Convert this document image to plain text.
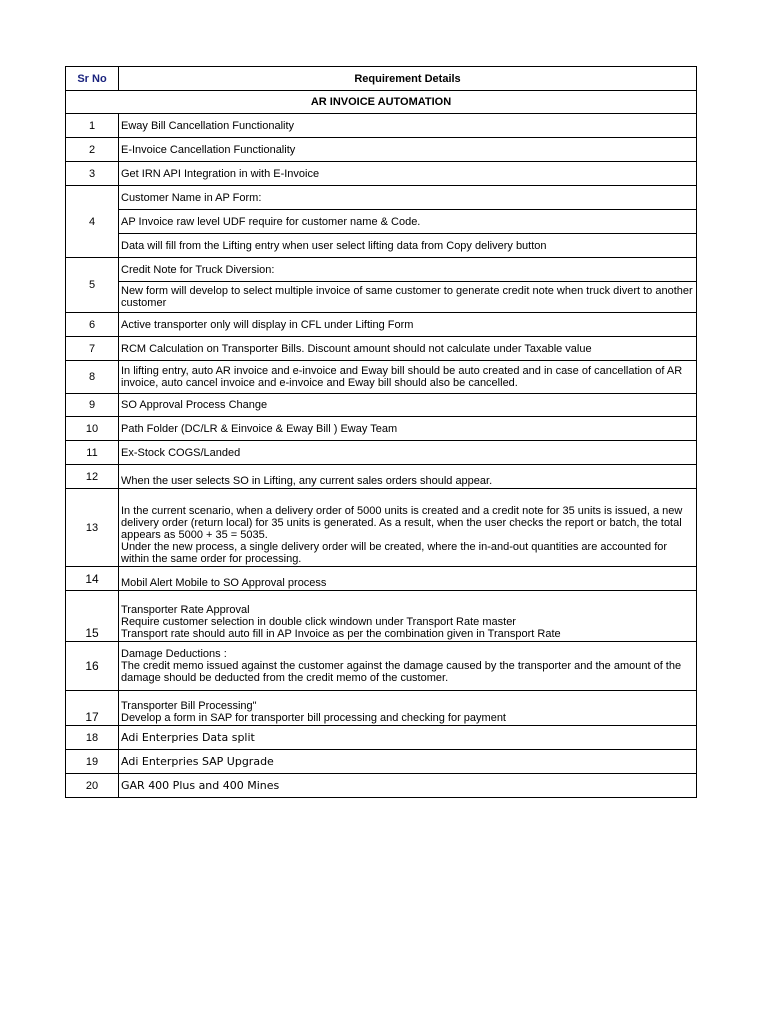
Sr No	Requirement Details
AR INVOICE AUTOMATION	
1	Eway Bill Cancellation Functionality
2	E-Invoice Cancellation Functionality
3	Get IRN API Integration in with E-Invoice
4	Customer Name in AP Form:
	AP Invoice raw level UDF require for customer name & Code.
	Data will fill from the Lifting entry when user select lifting data from Copy delivery button
5	Credit Note for Truck Diversion:
	New form will develop to select multiple invoice of same customer to generate credit note when truck divert to another customer
6	Active transporter only will display in CFL under Lifting Form
7	RCM Calculation on Transporter Bills. Discount amount should not calculate under Taxable value
8	In lifting entry, auto AR invoice and e-invoice and Eway bill should be auto created and in case of cancellation of AR invoice, auto cancel invoice and e-invoice and Eway bill should also be cancelled.
9	SO Approval Process Change
10	Path Folder (DC/LR & Einvoice & Eway Bill ) Eway Team
11	Ex-Stock COGS/Landed
12	When the user selects SO in Lifting, any current sales orders should appear.
13	In the current scenario, when a delivery order of 5000 units is created and a credit note for 35 units is issued, a new delivery order (return local) for 35 units is generated. As a result, when the user checks the report or batch, the total appears as 5000 + 35 = 5035.
Under the new process, a single delivery order will be created, where the in-and-out quantities are accounted for within the same order for processing.
14	Mobil Alert Mobile to SO Approval process
15	Transporter Rate Approval
Require customer selection in double click windown under Transport Rate master
Transport rate should auto fill in AP Invoice as per the combination given in Transport Rate
16	Damage Deductions :
The credit memo issued against the customer against the damage caused by the transporter and the amount of the damage should be deducted from the credit memo of the customer.
17	Transporter Bill Processing"
Develop a form in SAP for transporter bill processing and checking for payment
18	Adi Enterpries Data split
19	Adi Enterpries SAP Upgrade
20	GAR 400 Plus and 400 Mines
